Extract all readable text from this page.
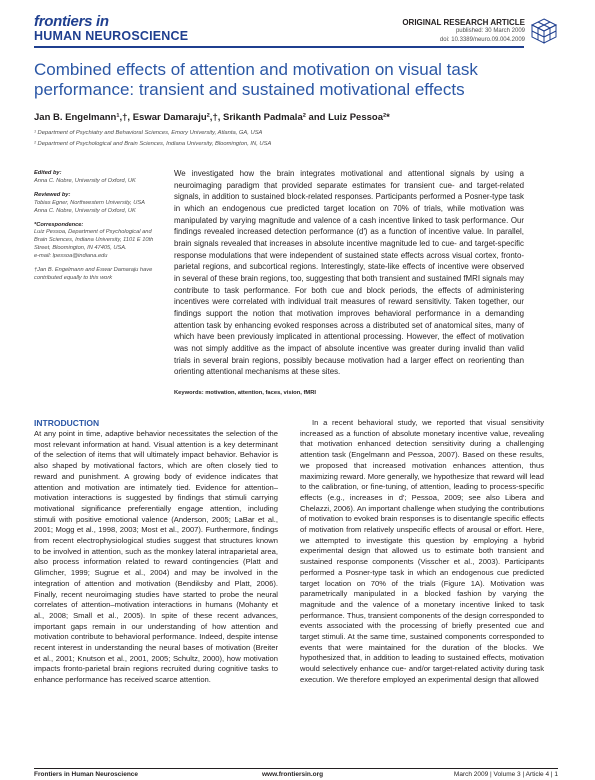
frontiers in
HUMAN NEUROSCIENCE
ORIGINAL RESEARCH ARTICLE
published: 30 March 2009
doi: 10.3389/neuro.09.004.2009
Combined effects of attention and motivation on visual task performance: transient and sustained motivational effects
Jan B. Engelmann¹,†, Eswar Damaraju²,†, Srikanth Padmala² and Luiz Pessoa²*
¹ Department of Psychiatry and Behavioral Sciences, Emory University, Atlanta, GA, USA
² Department of Psychological and Brain Sciences, Indiana University, Bloomington, IN, USA
Edited by:
Anna C. Nobre, University of Oxford, UK
Reviewed by:
Tobias Egner, Northwestern University, USA
Anna C. Nobre, University of Oxford, UK
*Correspondence:
Luiz Pessoa, Department of Psychological and Brain Sciences, Indiana University, 1101 E 10th Street, Bloomington, IN 47405, USA.
e-mail: lpessoa@indiana.edu
†Jan B. Engelmann and Eswar Damaraju have contributed equally to this work
We investigated how the brain integrates motivational and attentional signals by using a neuroimaging paradigm that provided separate estimates for transient cue- and target-related signals, in addition to sustained block-related responses. Participants performed a Posner-type task in which an endogenous cue predicted target location on 70% of trials, while motivation was manipulated by varying magnitude and valence of a cash incentive linked to task performance. Our findings revealed increased detection performance (d′) as a function of incentive value. In parallel, brain signals revealed that increases in absolute incentive magnitude led to cue- and target-specific response modulations that were independent of sustained state effects across visual cortex, fronto-parietal regions, and subcortical regions. Interestingly, state-like effects of incentive were observed in several of these brain regions, too, suggesting that both transient and sustained fMRI signals may contribute to task performance. For both cue and block periods, the effects of administering incentives were correlated with individual trait measures of reward sensitivity. Taken together, our findings support the notion that motivation improves behavioral performance in a demanding attention task by enhancing evoked responses across a distributed set of anatomical sites, many of which have been previously implicated in attentional processing. However, the effect of motivation was not simply additive as the impact of absolute incentive was greater during invalid than valid trials in several brain regions, possibly because motivation had a larger effect on reorienting than orienting attentional mechanisms at these sites.
Keywords: motivation, attention, faces, vision, fMRI
INTRODUCTION
At any point in time, adaptive behavior necessitates the selection of the most relevant information at hand. Visual attention is a key determinant of the selection of items that will ultimately impact behavior. Behavior is also shaped by motivational factors, which are often closely tied to reward and punishment. A growing body of evidence indicates that attention and motivation are intimately tied. Evidence for attention–motivation interactions is suggested by findings that stimuli carrying motivational significance preferentially engage attention, including stimuli with positive emotional valence (Anderson, 2005; LaBar et al., 2001; Mogg et al., 1998, 2003; Most et al., 2007). Furthermore, findings from recent electrophysiological studies suggest that structures known to be involved in attention, such as the monkey lateral intraparietal area, also process information related to reward contingencies (Platt and Glimcher, 1999; Sugrue et al., 2004) and may be involved in the integration of attention and motivation (Bendiksby and Platt, 2006). Finally, recent neuroimaging studies have started to probe the neural correlates of attention–motivation interactions in humans (Mohanty et al., 2008; Small et al., 2005). In spite of these recent advances, important gaps remain in our understanding of how attention and motivation contribute to behavioral performance. Indeed, despite intense recent interest in understanding the neural bases of motivation (Breiter et al., 2001; Knutson et al., 2001, 2005; Schultz, 2000), how motivation impacts fronto-parietal brain regions recruited during cognitive tasks to enhance performance has received scarce attention.
In a recent behavioral study, we reported that visual sensitivity increased as a function of absolute monetary incentive value, revealing that motivation enhanced detection sensitivity during a challenging attention task (Engelmann and Pessoa, 2007). Based on these results, we proposed that increased motivation enhances attention, thus maximizing reward. More generally, we hypothesize that reward will lead to the calibration, or fine-tuning, of attention, leading to process-specific effects (e.g., increases in d′; Pessoa, 2009; see also Libera and Chelazzi, 2006). An important challenge when studying the contributions of motivation to evoked brain responses is to disentangle specific effects of motivation from relatively unspecific effects of arousal or effort. Here, we attempted to investigate this question by employing a hybrid experimental design that allowed us to estimate both transient and sustained response components (Visscher et al., 2003). Participants performed a Posner-type task in which an endogenous cue predicted target location on 70% of the trials (Figure 1A). Motivation was parametrically manipulated in a blocked fashion by varying the magnitude and the valence of a monetary incentive linked to task performance. Thus, transient components of the design corresponded to events associated with the processing of briefly presented cue and target stimuli. At the same time, sustained components corresponded to events that were maintained for the duration of the blocks. We hypothesized that, in addition to leading to sustained effects, motivation would selectively enhance cue- and/or target-related activity during task execution. We therefore employed an experimental design that allowed
Frontiers in Human Neuroscience	www.frontiersin.org	March 2009 | Volume 3 | Article 4 | 1
